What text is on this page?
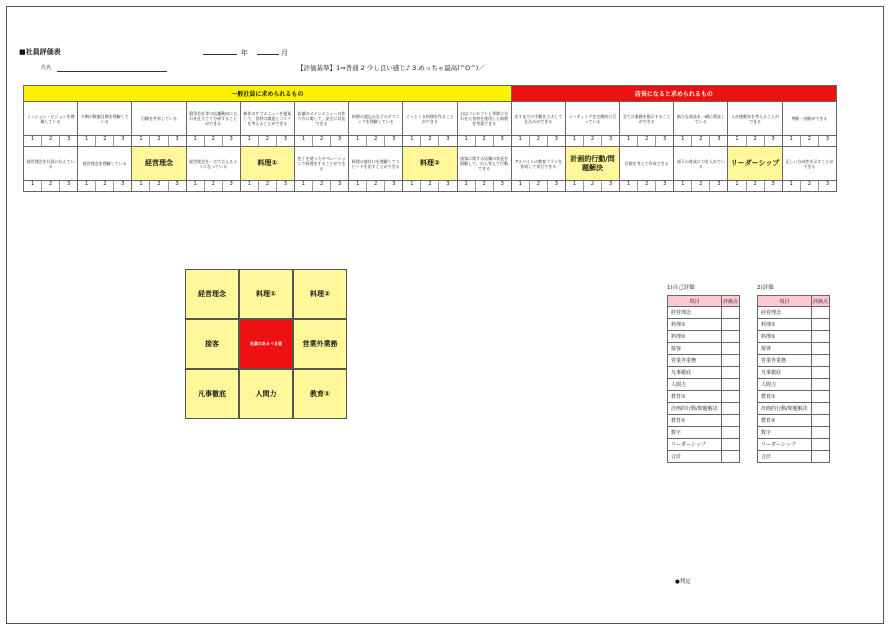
■社員評価表
氏名
年	月
【評価基準】1⇒普通 2 少し良い感じ♪ 3.めっちゃ最高(^O^)／
一般社員に求められるもの									店長になると求められるもの					
ミッション・ビジョンを理解している	今期の数値目標を理解している	目標を共有している	競争会社等の店舗動向に合わせ仕立てて分析することができる	新作のサブメニューを提案して、食材の調達とコストを考えることができる	店舗のメインメニューの作り方に関して、安全に対応できる	料理の盛込みなどのテクニックを理解している	ぐっとくる料理を作ることができる	自店コンセプトと季節に合わせた食材を使用した料理を考案できる	出すまでの手順を工夫して仕込みができる	ミーティングを定期的に行っている	全ての業務を指示することができる	新たな商品を一緒に開発している	入社後数年を考えることができる	判断・決断ができる

1 2 3	1 2 3	1 2 3	1 2 3	1 2 3	1 2 3	1 2 3	1 2 3	1 2 3	1 2 3	1 2 3	1 2 3	1 2 3	1 2 3	1 2 3

経営理念を社員に伝えている	経営理念を理解している	経営理念	経営理念を一言で言えるようになっている	料理①	包丁を使ったオペレーションで料理をすることができる	料理の盛付けを理解してスピードを出すことができる	料理②	接客に関する店舗の状況を理解して、自ら考えて行動できる	アルバイトの教育プランを作成して実行できる	計画的行動/問題解決	目標を考えて作成できる	部下の育成に力を入れている	リーダーシップ	正しい方向性を示すことができる

1 2 3	1 2 3	1 2 3	1 2 3	1 2 3	1 2 3	1 2 3	1 2 3	1 2 3	1 2 3	1 2 3	1 2 3	1 2 3	1 2 3	1 2 3
経営理念	料理①	料理②
接客	社員のあるべき姿	営業外業務
凡事徹底	人間力	教育①
1)自己評価
項目	評価点
経営理念	
料理①	
料理②	
接客	
営業外業務	
凡事徹底	
人間力	
教育①	
計画的行動/問題解決	
教育②	
数字	
リーダーシップ	
合計	
2)評価
項目	評価点
経営理念	
料理①	
料理②	
接客	
営業外業務	
凡事徹底	
人間力	
教育①	
計画的行動/問題解決	
教育②	
数字	
リーダーシップ	
合計	
●判定
